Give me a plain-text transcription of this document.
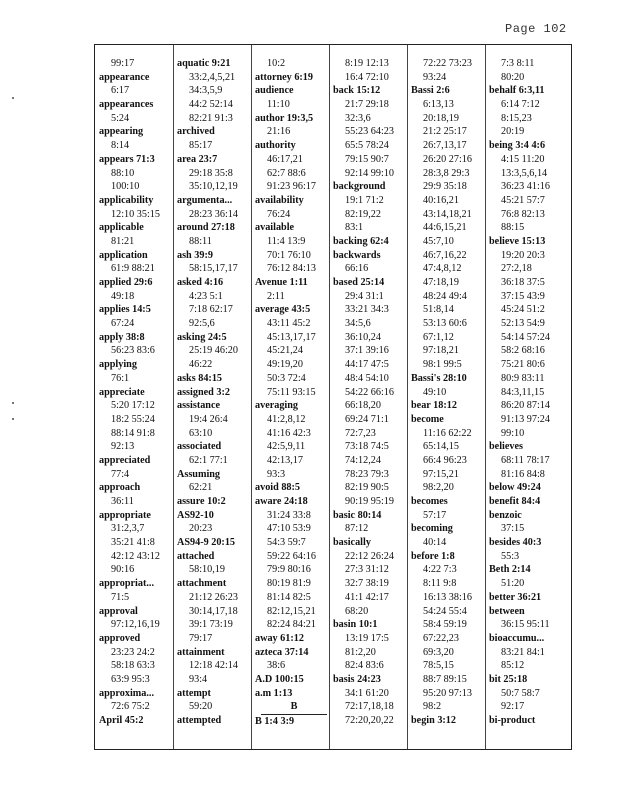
Page 102
99:17
appearance
6:17
appearances
5:24
appearing
8:14
appears 71:3
88:10
100:10
applicability
12:10 35:15
applicable
81:21
application
61:9 88:21
applied 29:6
49:18
applies 14:5
67:24
apply 38:8
56:23 83:6
applying
76:1
appreciate
5:20 17:12
18:2 55:24
88:14 91:8
92:13
appreciated
77:4
approach
36:11
appropriate
31:2,3,7
35:21 41:8
42:12 43:12
90:16
appropriat...
71:5
approval
97:12,16,19
approved
23:23 24:2
58:18 63:3
63:9 95:3
approxima...
72:6 75:2
April 45:2
aquatic 9:21
33:2,4,5,21
34:3,5,9
44:2 52:14
82:21 91:3
archived
85:17
area 23:7
29:18 35:8
35:10,12,19
argumenta...
28:23 36:14
around 27:18
88:11
ash 39:9
58:15,17,17
asked 4:16
4:23 5:1
7:18 62:17
92:5,6
asking 24:5
25:19 46:20
46:22
asks 84:15
assigned 3:2
assistance
19:4 26:4
63:10
associated
62:1 77:1
Assuming
62:21
assure 10:2
AS92-10
20:23
AS94-9 20:15
attached
58:10,19
attachment
21:12 26:23
30:14,17,18
39:1 73:19
79:17
attainment
12:18 42:14
93:4
attempt
59:20
attempted
10:2
attorney 6:19
audience
11:10
author 19:3,5
21:16
authority
46:17,21
62:7 88:6
91:23 96:17
availability
76:24
available
11:4 13:9
70:1 76:10
76:12 84:13
Avenue 1:11
2:11
average 43:5
43:11 45:2
45:13,17,17
45:21,24
49:19,20
50:3 72:4
75:11 93:15
averaging
41:2,8,12
41:16 42:3
42:5,9,11
42:13,17
93:3
avoid 88:5
aware 24:18
31:24 33:8
47:10 53:9
54:3 59:7
59:22 64:16
79:9 80:16
80:19 81:9
81:14 82:5
82:12,15,21
82:24 84:21
away 61:12
azteca 37:14
38:6
A.D 100:15
a.m 1:13
B
B 1:4 3:9
8:19 12:13
16:4 72:10
back 15:12
21:7 29:18
32:3,6
55:23 64:23
65:5 78:24
79:15 90:7
92:14 99:10
background
19:1 71:2
82:19,22
83:1
backing 62:4
backwards
66:16
based 25:14
29:4 31:1
33:21 34:3
34:5,6
36:10,24
37:1 39:16
44:17 47:5
48:4 54:10
54:22 66:16
66:18,20
69:24 71:1
72:7,23
73:18 74:5
74:12,24
78:23 79:3
82:19 90:5
90:19 95:19
basic 80:14
87:12
basically
22:12 26:24
27:3 31:12
32:7 38:19
41:1 42:17
68:20
basin 10:1
13:19 17:5
81:2,20
82:4 83:6
basis 24:23
34:1 61:20
72:17,18,18
72:20,20,22
72:22 73:23
93:24
Bassi 2:6
6:13,13
20:18,19
21:2 25:17
26:7,13,17
26:20 27:16
28:3,8 29:3
29:9 35:18
40:16,21
43:14,18,21
44:6,15,21
45:7,10
46:7,16,22
47:4,8,12
47:18,19
48:24 49:4
51:8,14
53:13 60:6
67:1,12
97:18,21
98:1 99:5
Bassi's 28:10
49:10
bear 18:12
become
11:16 62:22
65:14,15
66:4 96:23
97:15,21
98:2,20
becomes
57:17
becoming
40:14
before 1:8
4:22 7:3
8:11 9:8
16:13 38:16
54:24 55:4
58:4 59:19
67:22,23
69:3,20
78:5,15
88:7 89:15
95:20 97:13
98:2
begin 3:12
7:3 8:11
80:20
behalf 6:3,11
6:14 7:12
8:15,23
20:19
being 3:4 4:6
4:15 11:20
13:3,5,6,14
36:23 41:16
45:21 57:7
76:8 82:13
88:15
believe 15:13
19:20 20:3
27:2,18
36:18 37:5
37:15 43:9
45:24 51:2
52:13 54:9
54:14 57:24
58:2 68:16
75:21 80:6
80:9 83:11
84:3,11,15
86:20 87:14
91:13 97:24
99:10
believes
68:11 78:17
81:16 84:8
below 49:24
benefit 84:4
benzoic
37:15
besides 40:3
55:3
Beth 2:14
51:20
better 36:21
between
36:15 95:11
bioaccumu...
83:21 84:1
85:12
bit 25:18
50:7 58:7
92:17
bi-product
